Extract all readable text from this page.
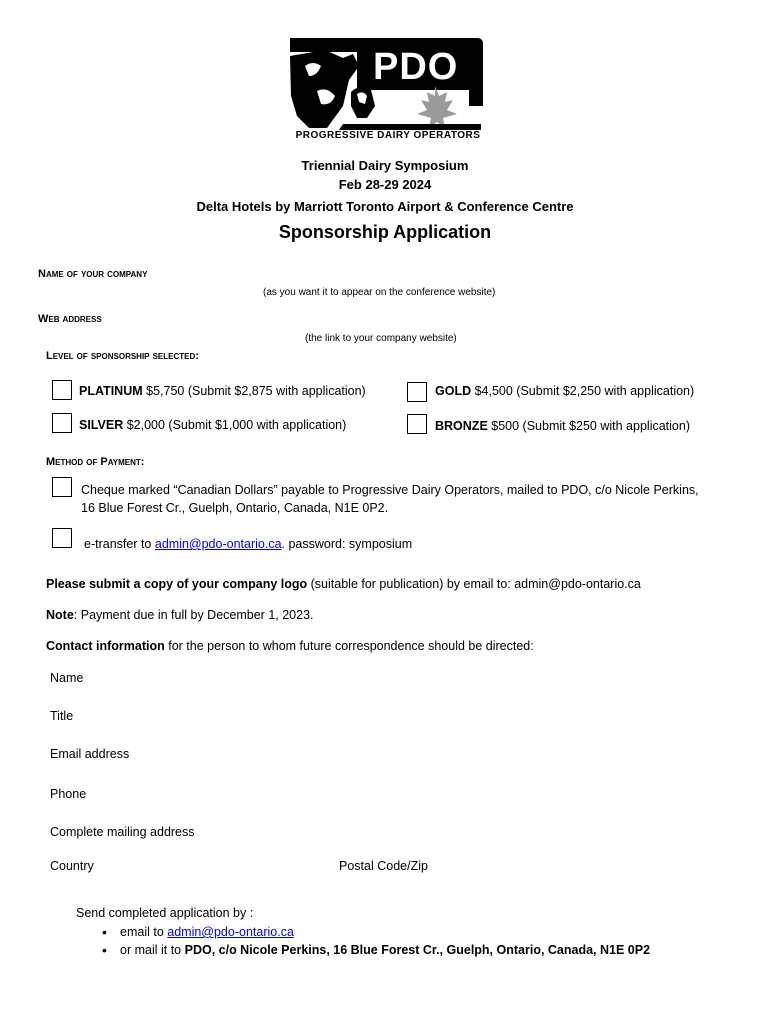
PDO
PROGRESSIVE DAIRY OPERATORS
Triennial Dairy Symposium
Feb 28-29 2024
Delta Hotels by Marriott Toronto Airport & Conference Centre
Sponsorship Application
Name of your company
(as you want it to appear on the conference website)
Web address
(the link to your company website)
Level of sponsorship selected:
PLATINUM $5,750 (Submit $2,875 with application)	GOLD $4,500 (Submit $2,250 with application)
SILVER $2,000 (Submit $1,000 with application)	BRONZE $500 (Submit $250 with application)
Method of Payment:
Cheque marked “Canadian Dollars” payable to Progressive Dairy Operators, mailed to PDO, c/o Nicole Perkins,
16 Blue Forest Cr., Guelph, Ontario, Canada, N1E 0P2.
e-transfer to admin@pdo-ontario.ca. password: symposium
Please submit a copy of your company logo (suitable for publication) by email to: admin@pdo-ontario.ca
Note: Payment due in full by December 1, 2023.
Contact information for the person to whom future correspondence should be directed:
Name
Title
Email address
Phone
Complete mailing address
Country	Postal Code/Zip
Send completed application by :
• email to admin@pdo-ontario.ca
• or mail it to PDO, c/o Nicole Perkins, 16 Blue Forest Cr., Guelph, Ontario, Canada, N1E 0P2
